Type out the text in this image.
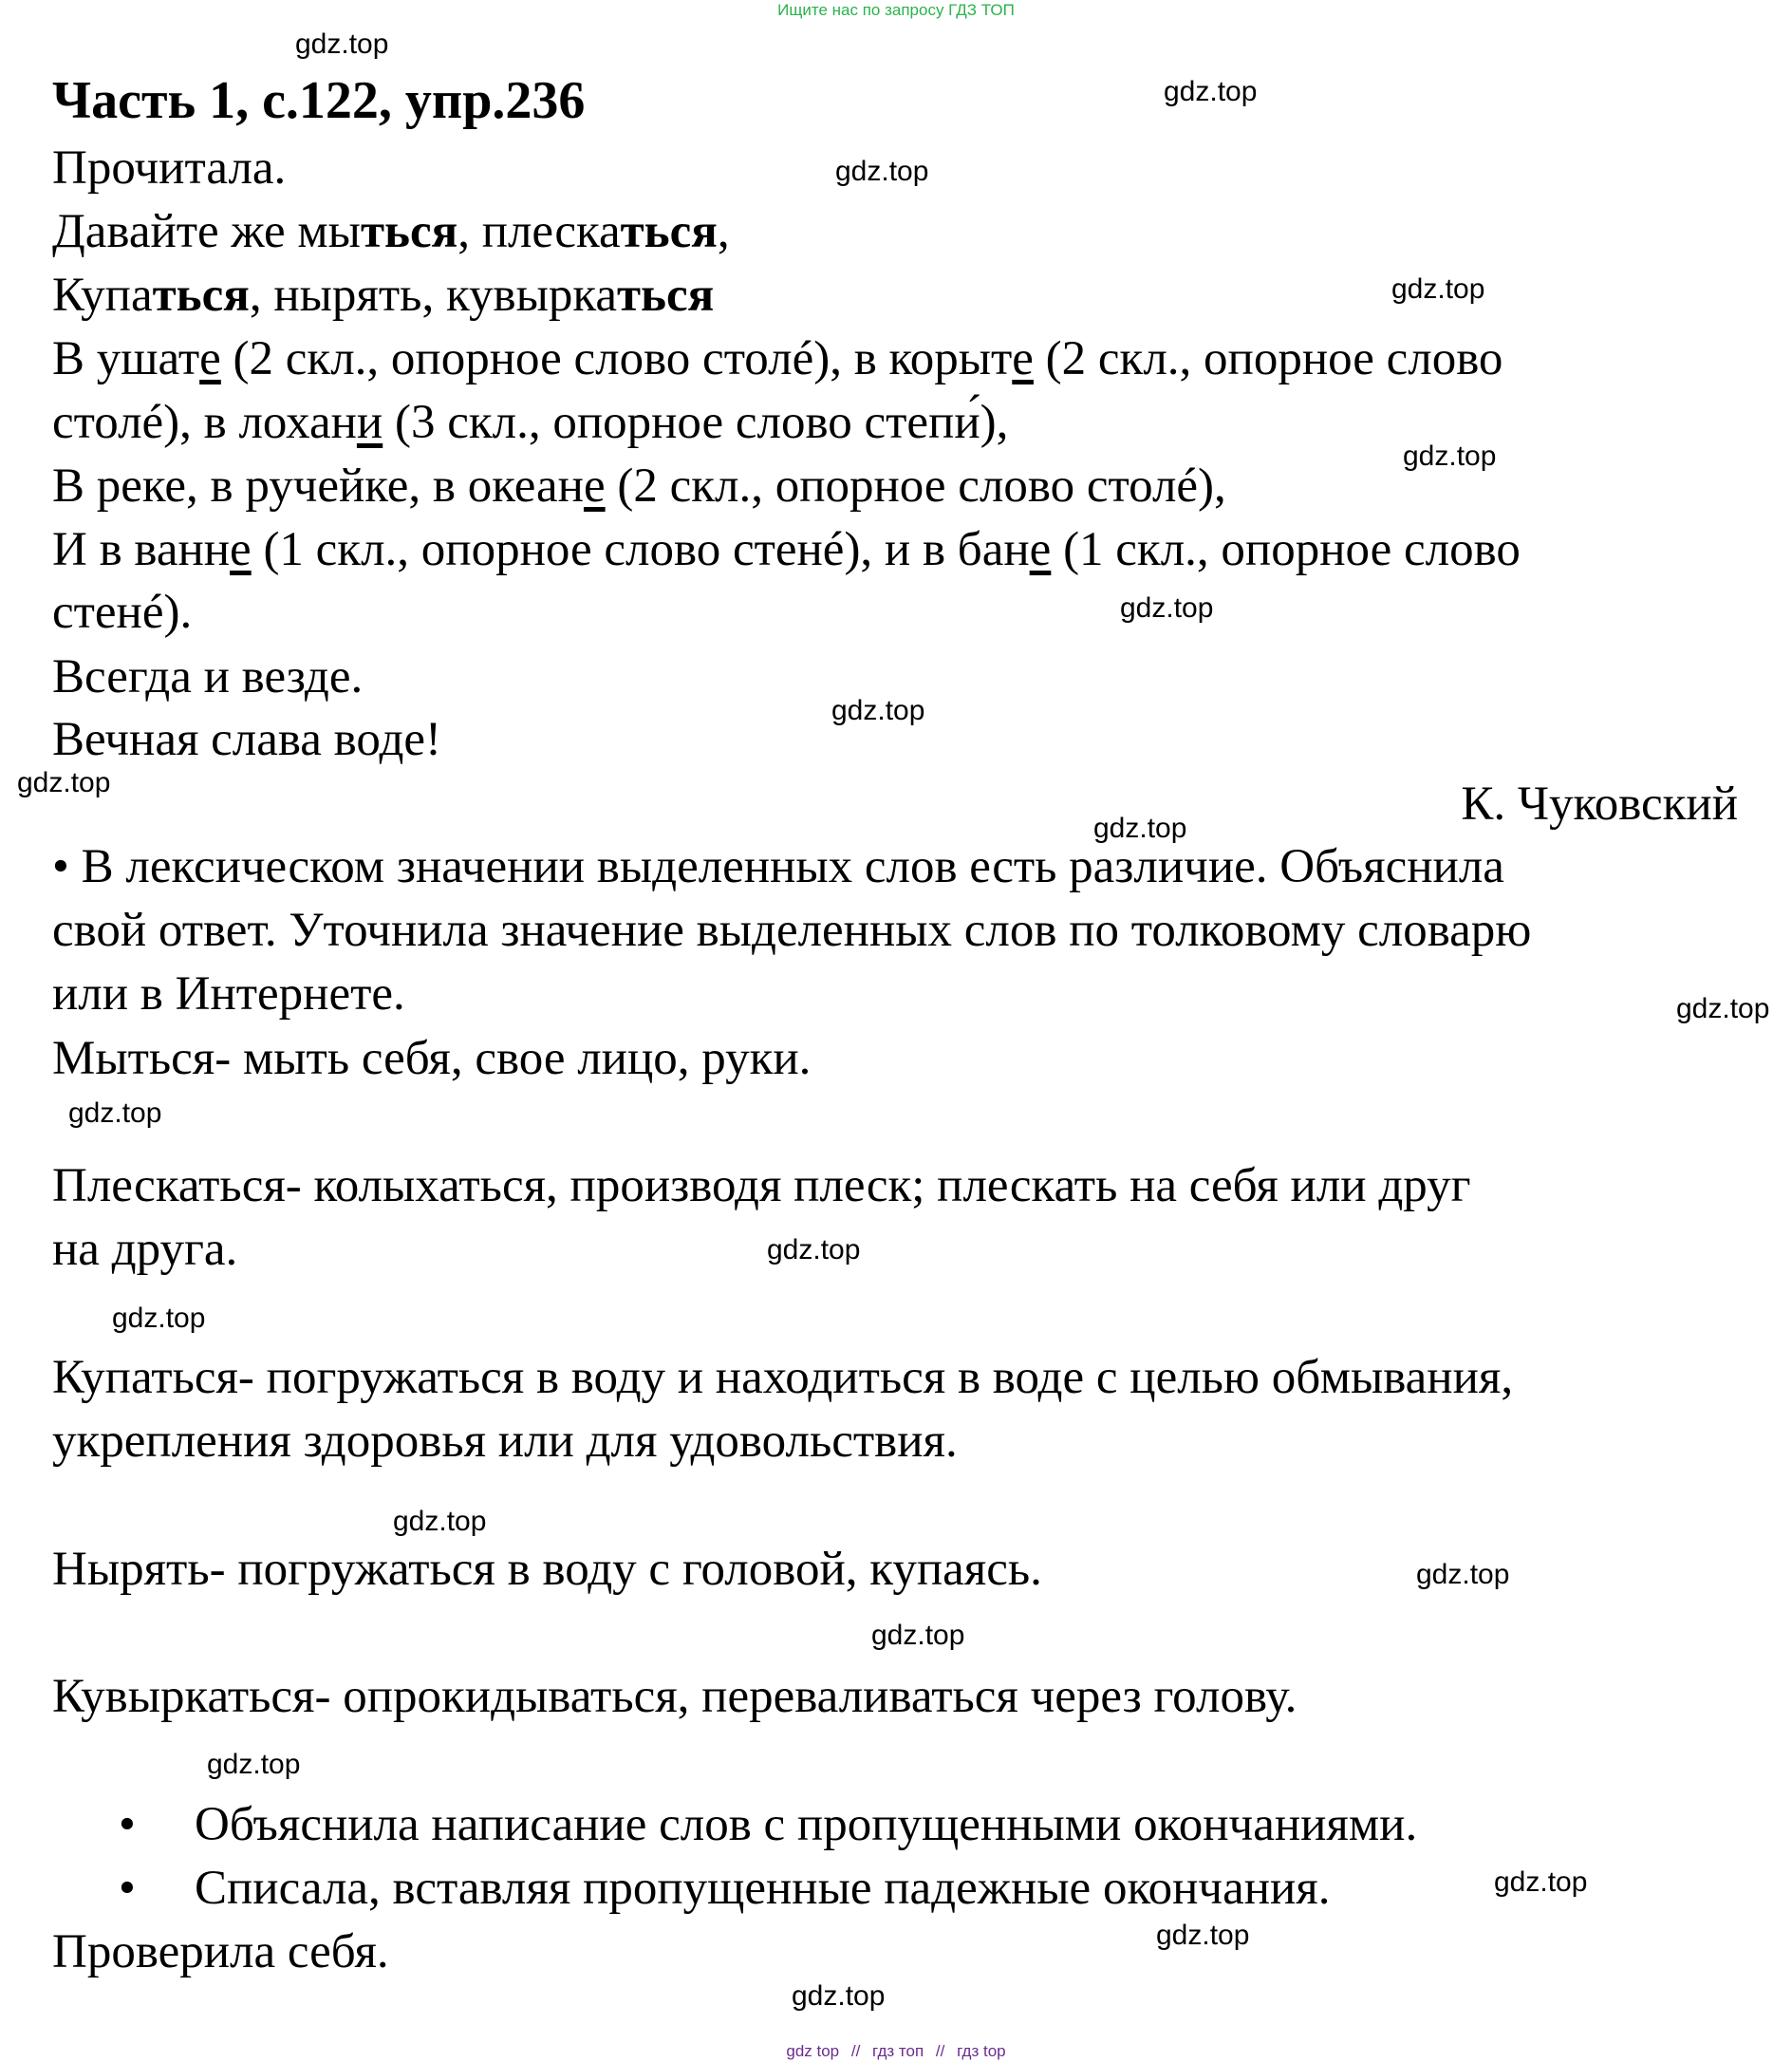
Ищите нас по запросу ГДЗ ТОП
gdz.top
gdz.top
gdz.top
gdz.top
gdz.top
gdz.top
gdz.top
gdz.top
gdz.top
gdz.top
gdz.top
gdz.top
gdz.top
gdz.top
gdz.top
gdz.top
gdz.top
gdz.top
gdz.top
gdz.top
Часть 1, с.122, упр.236
Прочитала.
Давайте же мыться, плескаться,
Купаться, нырять, кувыркаться
В ушате (2 скл., опорное слово столé), в корыте (2 скл., опорное слово
столé), в лохани (3 скл., опорное слово степи́),
В реке, в ручейке, в океане (2 скл., опорное слово столé),
И в ванне (1 скл., опорное слово стенé), и в бане (1 скл., опорное слово
стенé).
Всегда и везде.
Вечная слава воде!
К. Чуковский
• В лексическом значении выделенных слов есть различие. Объяснила
свой ответ. Уточнила значение выделенных слов по толковому словарю
или в Интернете.
Мыться- мыть себя, свое лицо, руки.
Плескаться- колыхаться, производя плеск; плескать на себя или друг
на друга.
Купаться- погружаться в воду и находиться в воде с целью обмывания,
укрепления здоровья или для удовольствия.
Нырять- погружаться в воду с головой, купаясь.
Кувыркаться- опрокидываться, переваливаться через голову.
• Объяснила написание слов с пропущенными окончаниями.
• Списала, вставляя пропущенные падежные окончания.
Проверила себя.
gdz top // гдз топ // гдз top
